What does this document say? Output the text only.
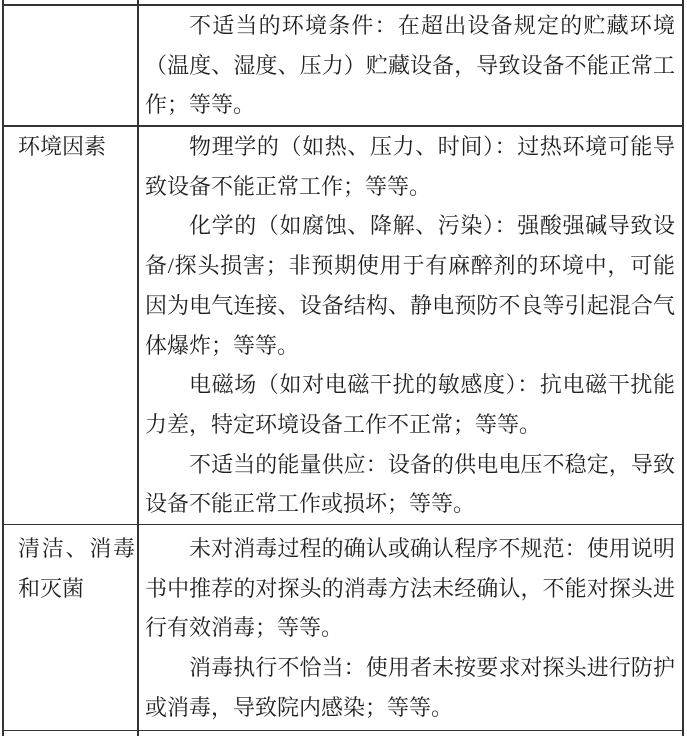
不适当的环境条件：在超出设备规定的贮藏环境（温度、湿度、压力）贮藏设备，导致设备不能正常工作；等等。

环境因素	物理学的（如热、压力、时间）：过热环境可能导致设备不能正常工作；等等。

化学的（如腐蚀、降解、污染）：强酸强碱导致设备/探头损害；非预期使用于有麻醉剂的环境中，可能因为电气连接、设备结构、静电预防不良等引起混合气体爆炸；等等。

电磁场（如对电磁干扰的敏感度）：抗电磁干扰能力差，特定环境设备工作不正常；等等。

不适当的能量供应：设备的供电电压不稳定，导致设备不能正常工作或损坏；等等。

清洁、消毒和灭菌

未对消毒过程的确认或确认程序不规范：使用说明书中推荐的对探头的消毒方法未经确认，不能对探头进行有效消毒；等等。

消毒执行不恰当：使用者未按要求对探头进行防护或消毒，导致院内感染；等等。
